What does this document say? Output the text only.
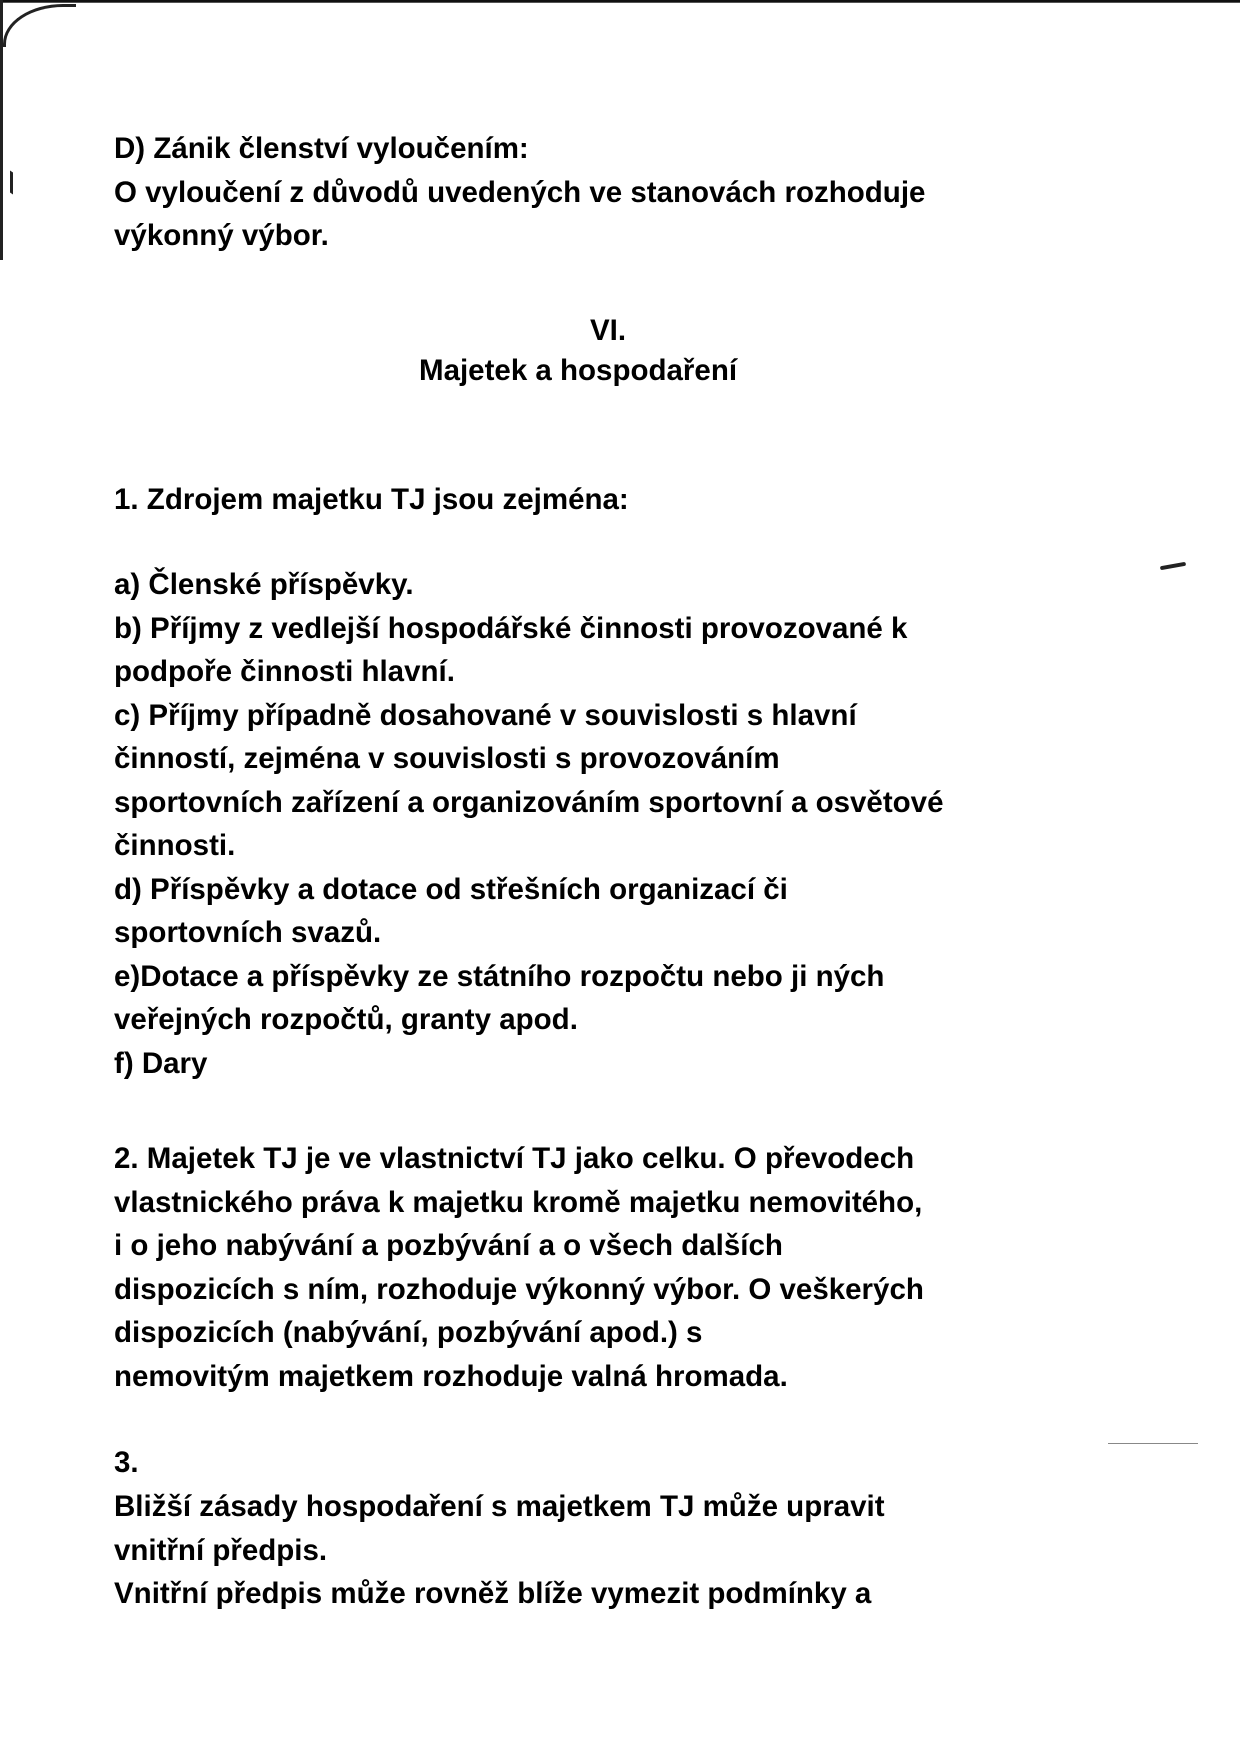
D) Zánik členství vyloučením:
O vyloučení z důvodů uvedených ve stanovách rozhoduje
výkonný výbor.
VI.
Majetek a hospodaření
1. Zdrojem majetku TJ jsou zejména:
a) Členské příspěvky.
b) Příjmy z vedlejší hospodářské činnosti provozované k
podpoře činnosti hlavní.
c) Příjmy případně dosahované v souvislosti s hlavní
činností, zejména v souvislosti s provozováním
sportovních zařízení a organizováním sportovní a osvětové
činnosti.
d) Příspěvky a dotace od střešních organizací či
sportovních svazů.
e)Dotace a příspěvky ze státního rozpočtu nebo ji ných
veřejných rozpočtů, granty apod.
f) Dary
2. Majetek TJ je ve vlastnictví TJ jako celku. O převodech
vlastnického práva k majetku kromě majetku nemovitého,
i o jeho nabývání a pozbývání a o všech dalších
dispozicích s ním, rozhoduje výkonný výbor. O veškerých
dispozicích (nabývání, pozbývání apod.) s
nemovitým majetkem rozhoduje valná hromada.
3.
Bližší zásady hospodaření s majetkem TJ může upravit
vnitřní předpis.
Vnitřní předpis může rovněž blíže vymezit podmínky a
